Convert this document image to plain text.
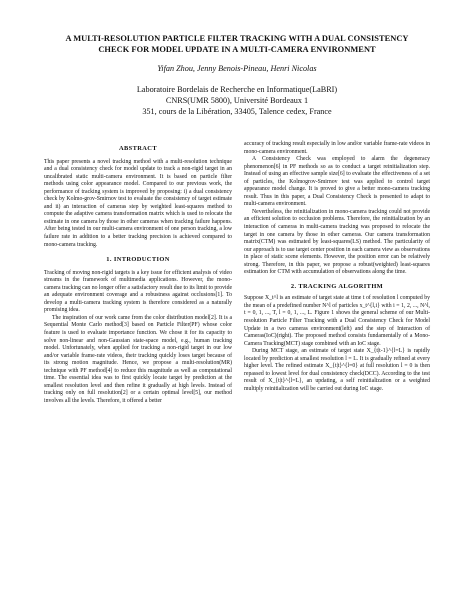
A MULTI-RESOLUTION PARTICLE FILTER TRACKING WITH A DUAL CONSISTENCY
CHECK FOR MODEL UPDATE IN A MULTI-CAMERA ENVIRONMENT
Yifan Zhou, Jenny Benois-Pineau, Henri Nicolas
Laboratoire Bordelais de Recherche en Informatique(LaBRI)
CNRS(UMR 5800), Université Bordeaux 1
351, cours de la Libération, 33405, Talence cedex, France
ABSTRACT

This paper presents a novel tracking method with a multi-resolution technique and a dual consistency check for model update to track a non-rigid target in an uncalibrated static multi-camera environment. It is based on particle filter methods using color appearance model. Compared to our previous work, the performance of tracking system is improved by proposing: i) a dual consistency check by Kolmo-grov-Smirnov test to evaluate the consistency of target estimate and ii) an interaction of cameras step by weighted least-squares method to compute the adaptive camera transformation matrix which is used to relocate the estimate in one camera by those in other cameras when tracking failure happens. After being tested in our multi-camera environment of one person tracking, a low failure rate in addition to a better tracking precision is achieved compared to mono-camera tracking.

1. INTRODUCTION

Tracking of moving non-rigid targets is a key issue for efficient analysis of video streams in the framework of multimedia applications. However, the mono-camera tracking can no longer offer a satisfactory result due to its limit to provide an adequate environment coverage and a robustness against occlusions[1]. To develop a multi-camera tracking system is therefore considered as a naturally promising idea.

The inspiration of our work came from the color distribution model[2]. It is a Sequential Monte Carlo method[3] based on Particle Filter(PF) whose color feature is used to evaluate importance function. We chose it for its capacity to solve non-linear and non-Gaussian state-space model, e.g., human tracking model. Unfortunately, when applied for tracking a non-rigid target in our low and/or variable frame-rate videos, their tracking quickly loses target because of its strong motion magnitude. Hence, we propose a multi-resolution(MR) technique with PF method[4] to reduce this magnitude as well as computational time. The essential idea was to first quickly locate target by prediction at the smallest resolution level and then refine it gradually at high levels. Instead of tracking only on full resolution[2] or a certain optimal level[5], our method involves all the levels. Therefore, it offered a better

accuracy of tracking result especially in low and/or variable frame-rate videos in mono-camera environment.

A Consistency Check was employed to alarm the degeneracy phenomenon[6] in PF methods so as to conduct a target reinitialization step. Instead of using an effective sample size[6] to evaluate the effectiveness of a set of particles, the Kolmogrov-Smirnov test was applied to control target appearance model change. It is proved to give a better mono-camera tracking result. Thus in this paper, a Dual Consistency Check is presented to adapt to multi-camera environment.

Nevertheless, the reinitialization in mono-camera tracking could not provide an efficient solution to occlusion problems. Therefore, the reinitialization by an interaction of cameras in multi-camera tracking was proposed to relocate the target in one camera by those in other cameras. Our camera transformation matrix(CTM) was estimated by least-squares(LS) method. The particularity of our approach is to use target center position in each camera view as observations in place of static scene elements. However, the position error can be relatively strong. Therefore, in this paper, we propose a robust(weighted) least-squares estimation for CTM with accumulation of observations along the time.

2. TRACKING ALGORITHM

Suppose X_t^l is an estimate of target state at time t of resolution l computed by the mean of a predefined number N^l of particles x_t^{l,i} with i = 1, 2, ..., N^l, t = 0, 1, ..., T, l = 0, 1, ..., L. Figure 1 shows the general scheme of our Multi-resolution Particle Filter Tracking with a Dual Consistency Check for Model Update in a two cameras environment(left) and the step of Interaction of Cameras(IoC)(right). The proposed method consists fundamentally of a Mono-Camera Tracking(MCT) stage combined with an IoC stage.

During MCT stage, an estimate of target state X_{t|t-1}^{l=L} is rapidly located by prediction at smallest resolution l = L. It is gradually refined at every higher level. The refined estimate X_{t|t}^{l=0} at full resolution l = 0 is then repassed to lowest level for dual consistency check(DCC). According to the test result of X_{t|t}^{l=L}, an updating, a self reinitialization or a weighted multiply reinitialization will be carried out during IoC stage.
